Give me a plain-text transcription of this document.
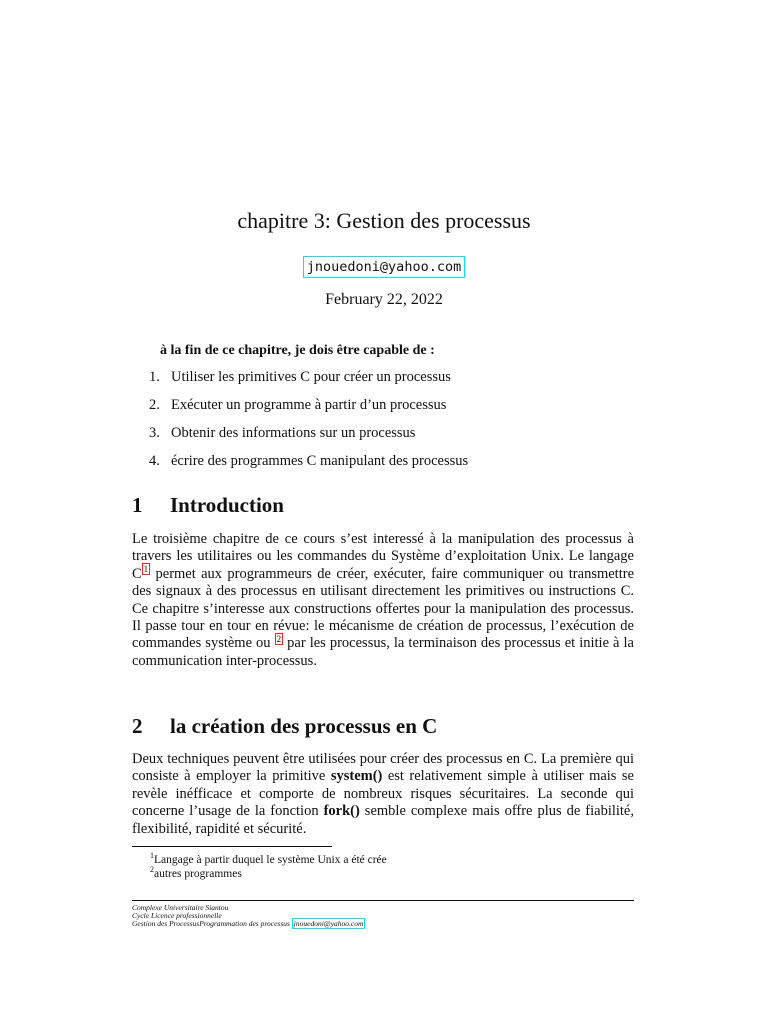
chapitre 3: Gestion des processus
jnouedoni@yahoo.com
February 22, 2022
à la fin de ce chapitre, je dois être capable de :
1. Utiliser les primitives C pour créer un processus
2. Exécuter un programme à partir d’un processus
3. Obtenir des informations sur un processus
4. écrire des programmes C manipulant des processus
1 Introduction
Le troisième chapitre de ce cours s’est interessé à la manipulation des processus à travers les utilitaires ou les commandes du Système d’exploitation Unix. Le langage C $^1$ permet aux programmeurs de créer, exécuter, faire communiquer ou transmettre des signaux à des processus en utilisant directement les primitives ou instructions C. Ce chapitre s’interesse aux constructions offertes pour la manipulation des processus. Il passe tour en tour en révue: le mécanisme de création de processus, l’exécution de commandes système ou $^2$ par les processus, la terminaison des processus et initie à la communication inter-processus.
2 la création des processus en C
Deux techniques peuvent être utilisées pour créer des processus en C. La première qui consiste à employer la primitive system() est relativement simple à utiliser mais se revèle inéfficace et comporte de nombreux risques sécuritaires. La seconde qui concerne l’usage de la fonction fork() semble complexe mais offre plus de fiabilité, flexibilité, rapidité et sécurité.
$^1$Langage à partir duquel le système Unix a été crée
$^2$autres programmes
Complexe Universitaire Siantou
Cycle Licence professionnelle
Gestion des ProcessusProgrammation des processus jnouedoni@yahoo.com
